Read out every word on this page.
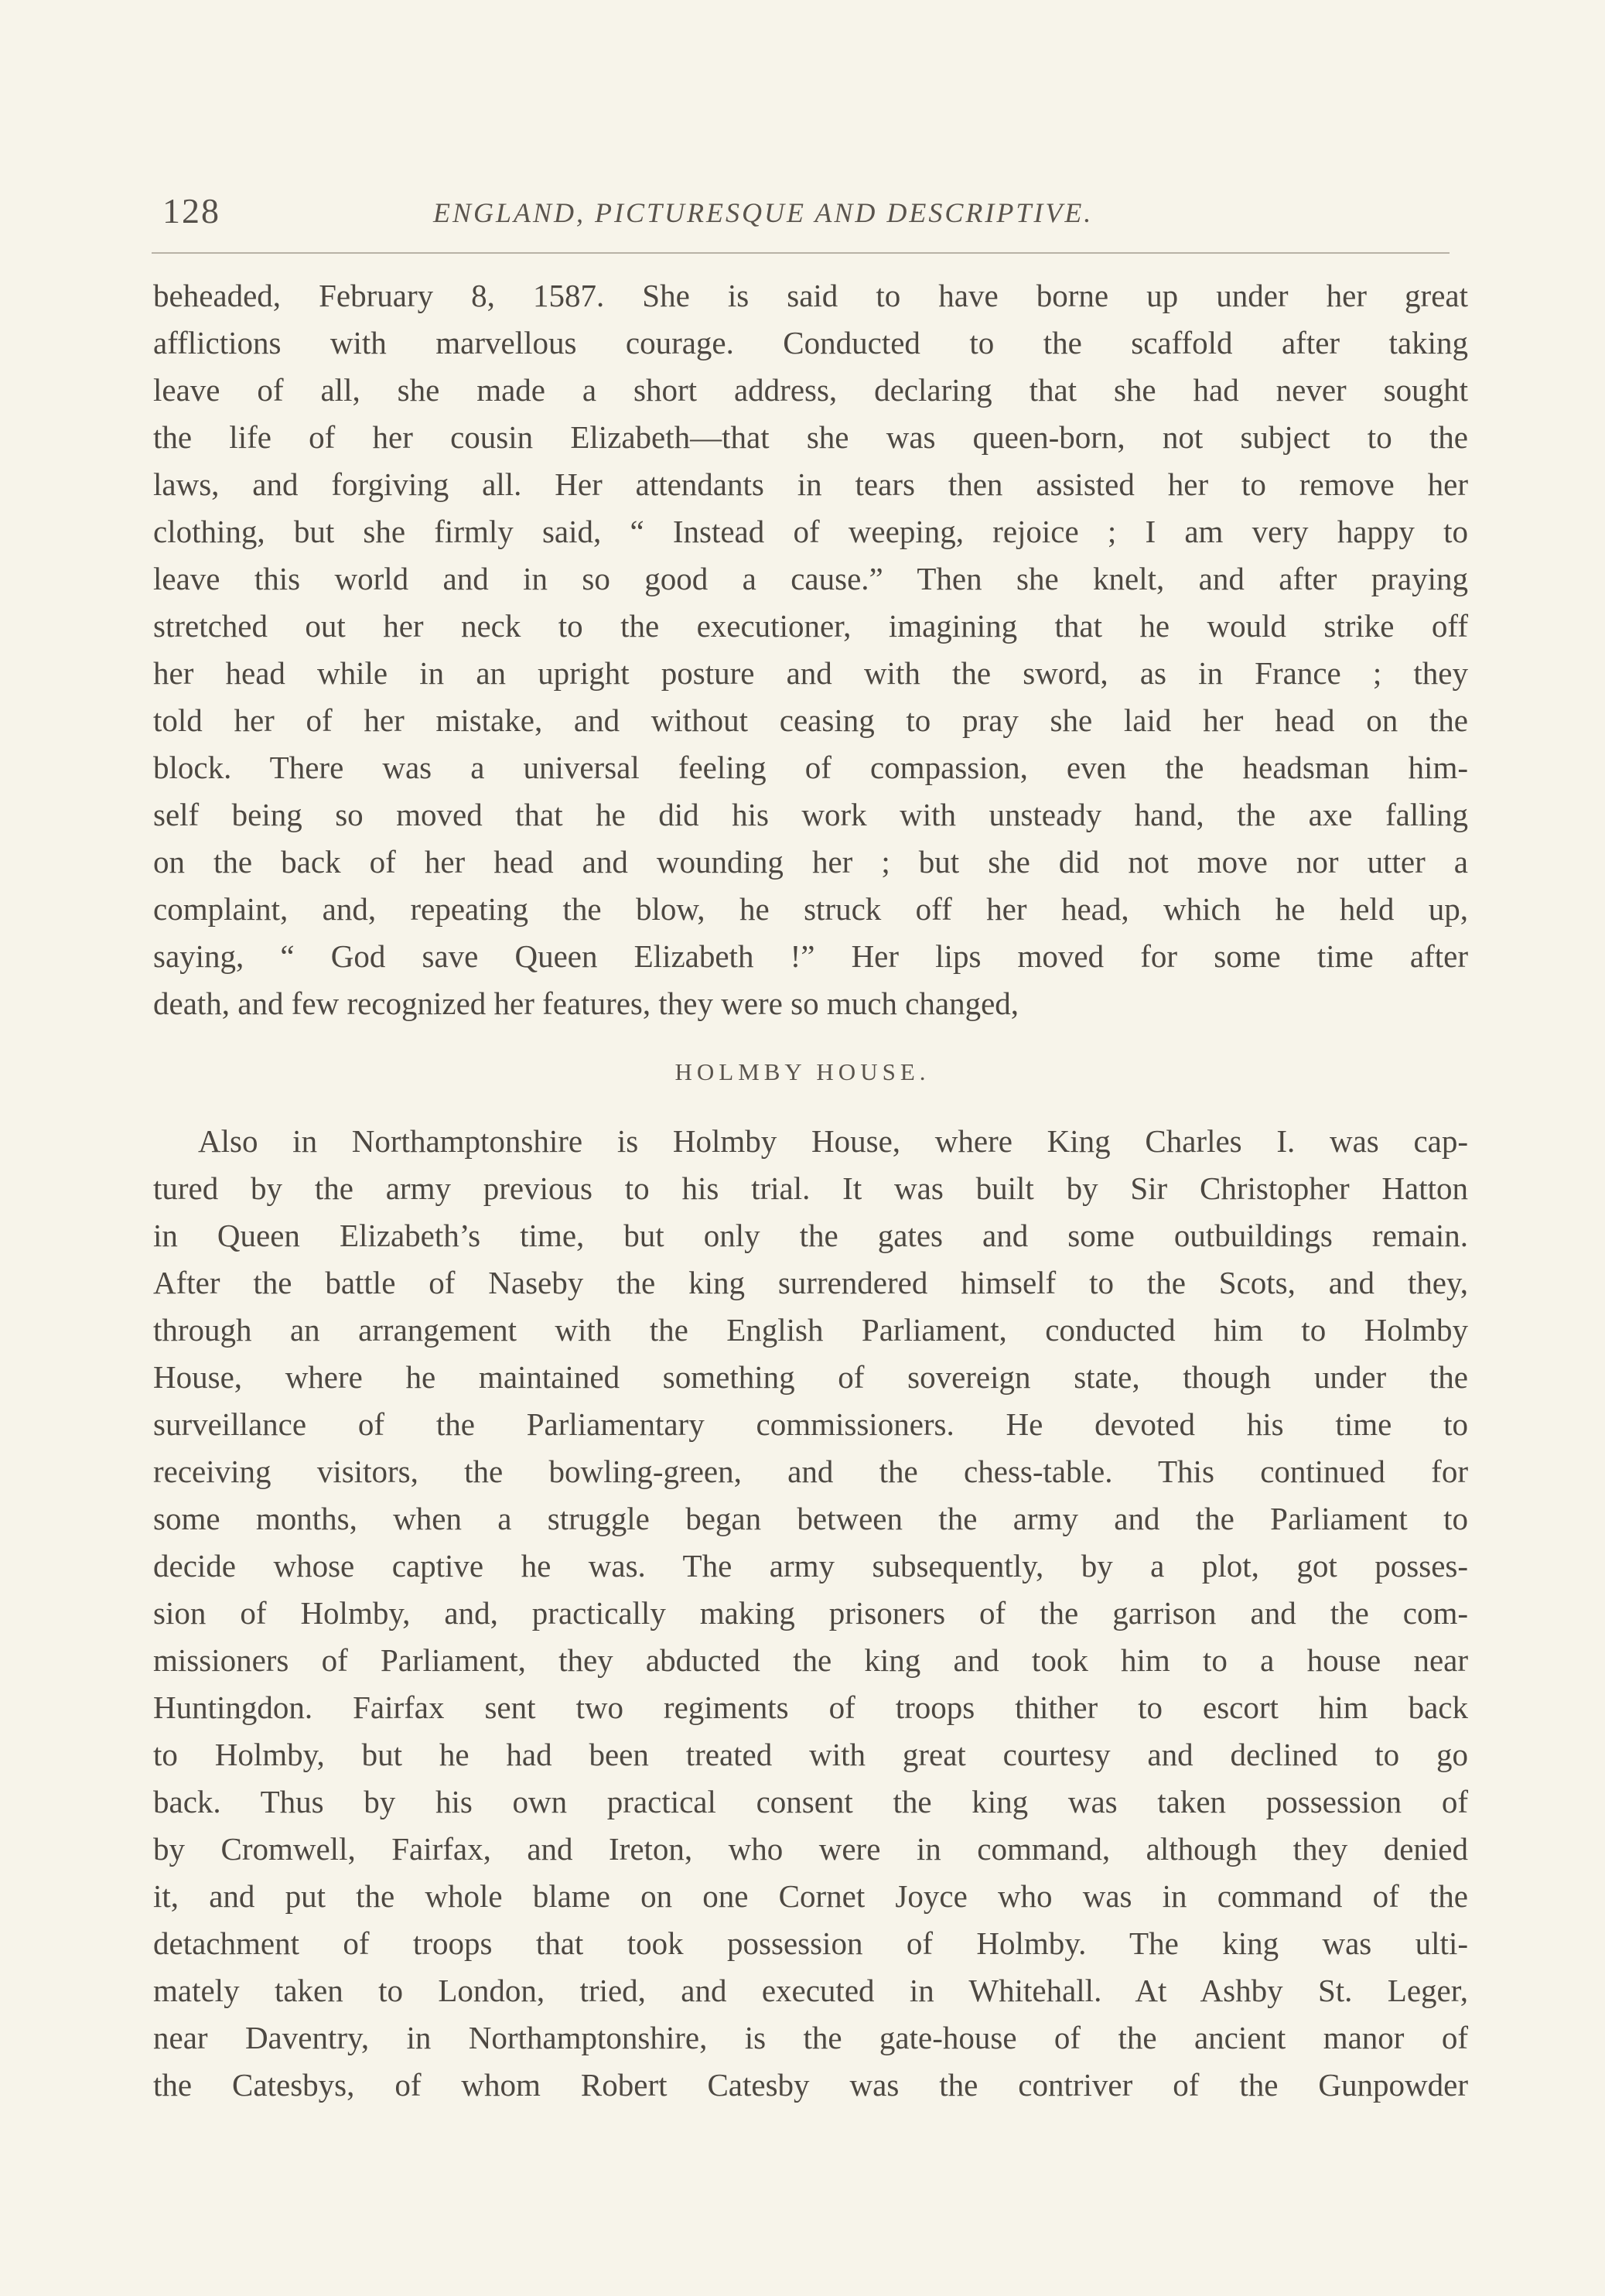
128	ENGLAND, PICTURESQUE AND DESCRIPTIVE.
beheaded, February 8, 1587. She is said to have borne up under her great
afflictions with marvellous courage. Conducted to the scaffold after taking
leave of all, she made a short address, declaring that she had never sought
the life of her cousin Elizabeth—that she was queen-born, not subject to the
laws, and forgiving all. Her attendants in tears then assisted her to remove her
clothing, but she firmly said, “ Instead of weeping, rejoice ; I am very happy to
leave this world and in so good a cause.” Then she knelt, and after praying
stretched out her neck to the executioner, imagining that he would strike off
her head while in an upright posture and with the sword, as in France ; they
told her of her mistake, and without ceasing to pray she laid her head on the
block. There was a universal feeling of compassion, even the headsman him-
self being so moved that he did his work with unsteady hand, the axe falling
on the back of her head and wounding her ; but she did not move nor utter a
complaint, and, repeating the blow, he struck off her head, which he held up,
saying, “ God save Queen Elizabeth !” Her lips moved for some time after
death, and few recognized her features, they were so much changed,
HOLMBY HOUSE.
Also in Northamptonshire is Holmby House, where King Charles I. was cap-
tured by the army previous to his trial. It was built by Sir Christopher Hatton
in Queen Elizabeth’s time, but only the gates and some outbuildings remain.
After the battle of Naseby the king surrendered himself to the Scots, and they,
through an arrangement with the English Parliament, conducted him to Holmby
House, where he maintained something of sovereign state, though under the
surveillance of the Parliamentary commissioners. He devoted his time to
receiving visitors, the bowling-green, and the chess-table. This continued for
some months, when a struggle began between the army and the Parliament to
decide whose captive he was. The army subsequently, by a plot, got posses-
sion of Holmby, and, practically making prisoners of the garrison and the com-
missioners of Parliament, they abducted the king and took him to a house near
Huntingdon. Fairfax sent two regiments of troops thither to escort him back
to Holmby, but he had been treated with great courtesy and declined to go
back. Thus by his own practical consent the king was taken possession of
by Cromwell, Fairfax, and Ireton, who were in command, although they denied
it, and put the whole blame on one Cornet Joyce who was in command of the
detachment of troops that took possession of Holmby. The king was ulti-
mately taken to London, tried, and executed in Whitehall. At Ashby St. Leger,
near Daventry, in Northamptonshire, is the gate-house of the ancient manor of
the Catesbys, of whom Robert Catesby was the contriver of the Gunpowder
